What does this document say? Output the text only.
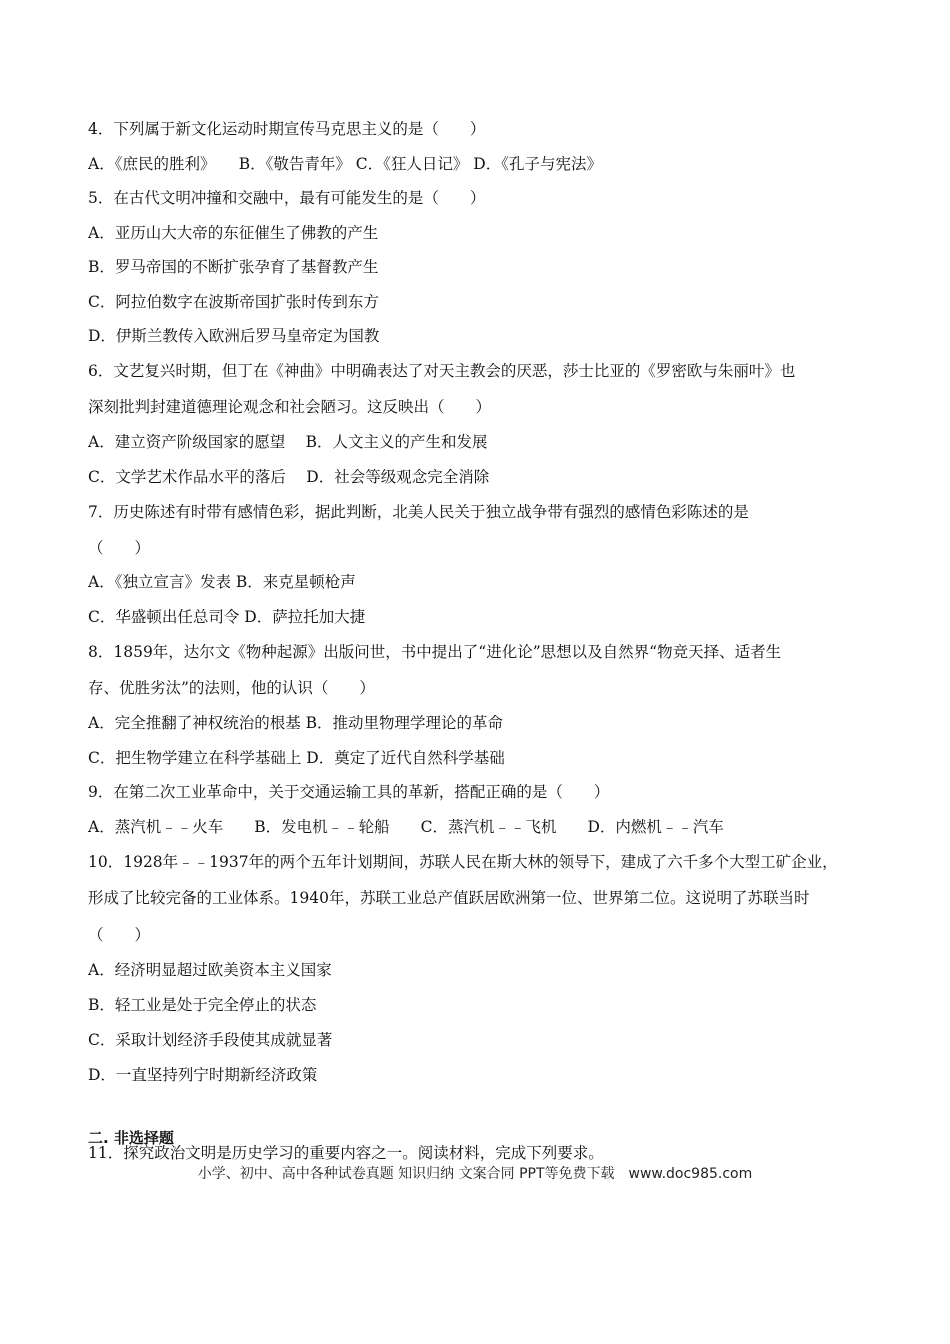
4．下列属于新文化运动时期宣传马克思主义的是（　　）
A．《庶民的胜利》　　B．《敬告青年》 C．《狂人日记》 D．《孔子与宪法》
5．在古代文明冲撞和交融中，最有可能发生的是（　　）
A．亚历山大大帝的东征催生了佛教的产生
B．罗马帝国的不断扩张孕育了基督教产生
C．阿拉伯数字在波斯帝国扩张时传到东方
D．伊斯兰教传入欧洲后罗马皇帝定为国教
6．文艺复兴时期，但丁在《神曲》中明确表达了对天主教会的厌恶，莎士比亚的《罗密欧与朱丽叶》也
深刻批判封建道德理论观念和社会陋习。这反映出（　　）
A．建立资产阶级国家的愿望　 B．人文主义的产生和发展
C．文学艺术作品水平的落后　 D．社会等级观念完全消除
7．历史陈述有时带有感情色彩，据此判断，北美人民关于独立战争带有强烈的感情色彩陈述的是
（　　）
A．《独立宣言》发表 B．来克星顿枪声
C．华盛顿出任总司令 D．萨拉托加大捷
8．1859年，达尔文《物种起源》出版问世，书中提出了“进化论”思想以及自然界“物竞天择、适者生
存、优胜劣汰”的法则，他的认识（　　）
A．完全推翻了神权统治的根基 B．推动里物理学理论的革命
C．把生物学建立在科学基础上 D．奠定了近代自然科学基础
9．在第二次工业革命中，关于交通运输工具的革新，搭配正确的是（　　）
A．蒸汽机﹣﹣火车　　B．发电机﹣﹣轮船　　C．蒸汽机﹣﹣飞机　　D．内燃机﹣﹣汽车
10．1928年﹣﹣1937年的两个五年计划期间，苏联人民在斯大林的领导下，建成了六千多个大型工矿企业，
形成了比较完备的工业体系。1940年，苏联工业总产值跃居欧洲第一位、世界第二位。这说明了苏联当时
（　　）
A．经济明显超过欧美资本主义国家
B．轻工业是处于完全停止的状态
C．采取计划经济手段使其成就显著
D．一直坚持列宁时期新经济政策
二. 非选择题
11．探究政治文明是历史学习的重要内容之一。阅读材料，完成下列要求。
小学、初中、高中各种试卷真题 知识归纳 文案合同 PPT等免费下载　www.doc985.com
